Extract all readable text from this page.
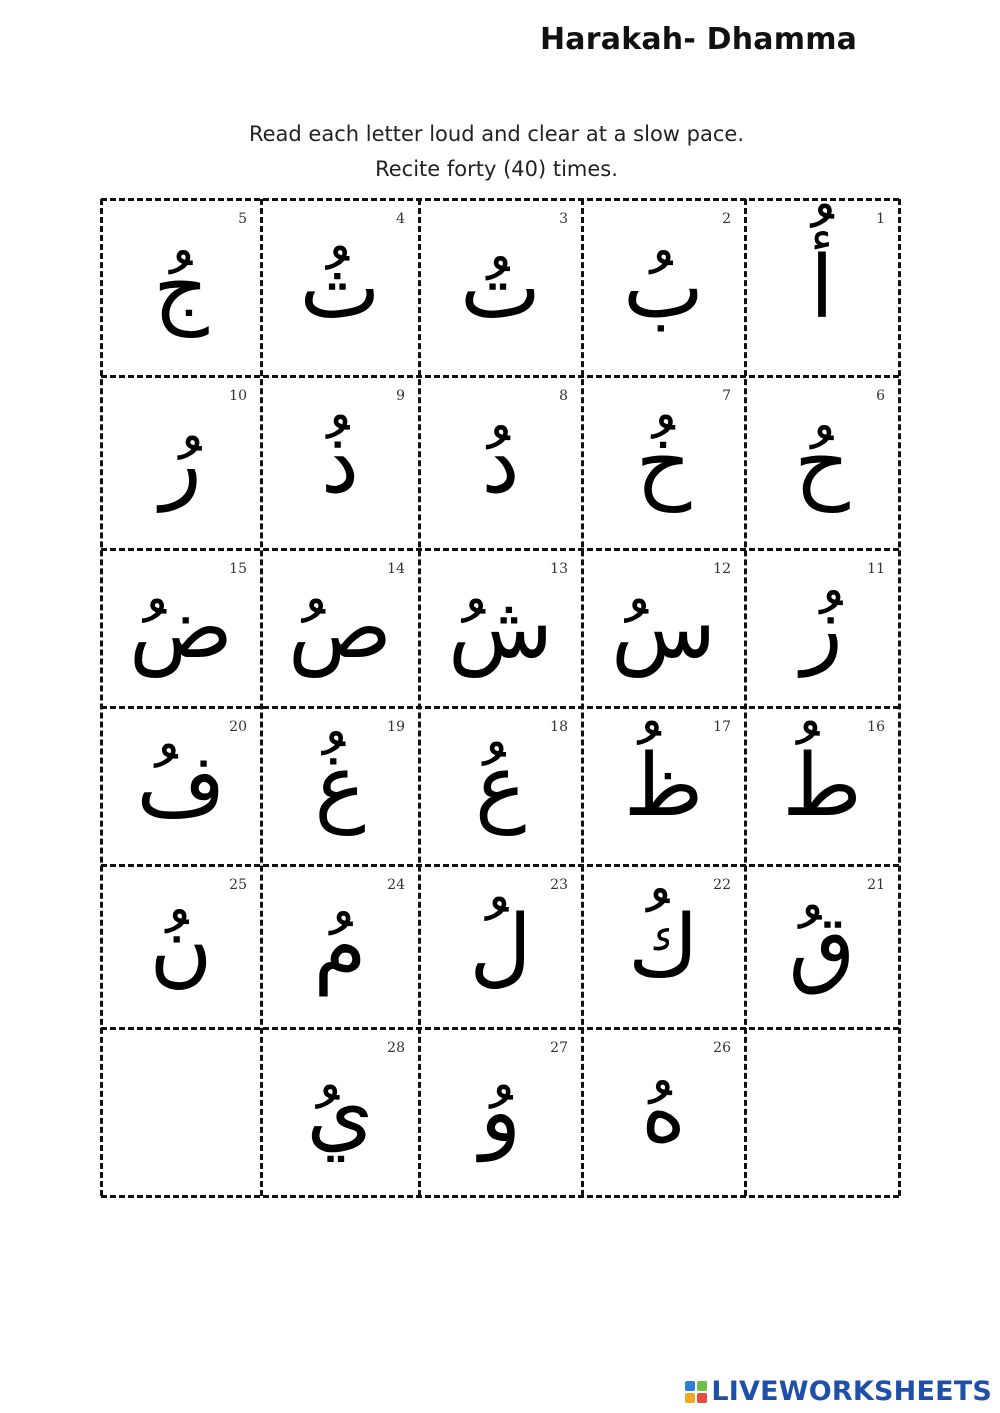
Harakah- Dhamma
Read each letter loud and clear at a slow pace.
Recite forty (40) times.
1
أُ
2
بُ
3
تُ
4
ثُ
5
جُ
6
حُ
7
خُ
8
دُ
9
ذُ
10
رُ
11
زُ
12
سُ
13
شُ
14
صُ
15
ضُ
16
طُ
17
ظُ
18
عُ
19
غُ
20
فُ
21
قُ
22
كُ
23
لُ
24
مُ
25
نُ
26
هُ
27
وُ
28
يُ
LIVEWORKSHEETS
